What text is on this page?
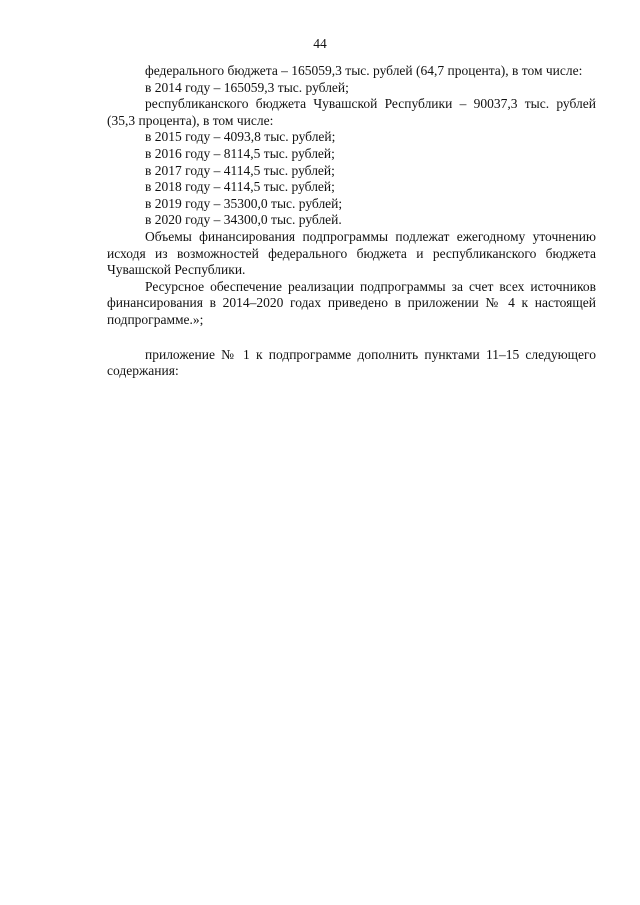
44

федерального бюджета – 165059,3 тыс. рублей (64,7 процента), в том числе:

в 2014 году – 165059,3 тыс. рублей;

республиканского бюджета Чувашской Республики – 90037,3 тыс. рублей (35,3 процента), в том числе:

в 2015 году – 4093,8 тыс. рублей;

в 2016 году – 8114,5 тыс. рублей;

в 2017 году – 4114,5 тыс. рублей;

в 2018 году – 4114,5 тыс. рублей;

в 2019 году – 35300,0 тыс. рублей;

в 2020 году – 34300,0 тыс. рублей.

Объемы финансирования подпрограммы подлежат ежегодному уточнению исходя из возможностей федерального бюджета и республиканского бюджета Чувашской Республики.

Ресурсное обеспечение реализации подпрограммы за счет всех источников финансирования в 2014–2020 годах приведено в приложении № 4 к настоящей подпрограмме.»;

приложение № 1 к подпрограмме дополнить пунктами 11–15 следующего содержания:
